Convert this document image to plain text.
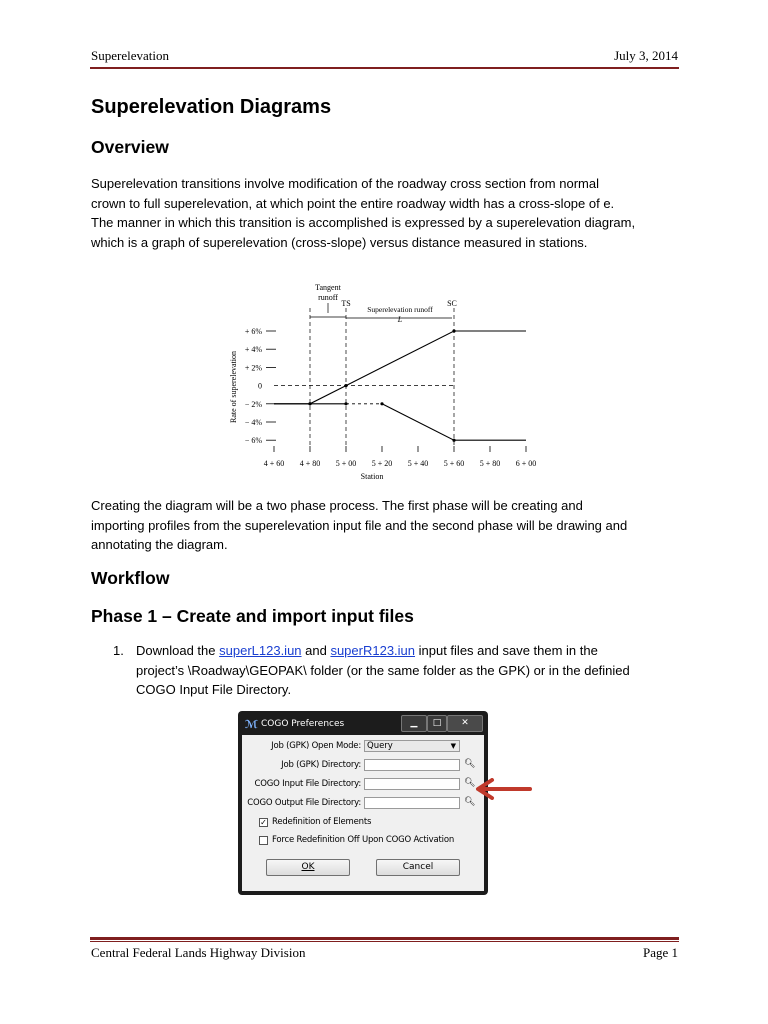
Superelevation	July 3, 2014
Superelevation Diagrams
Overview
Superelevation transitions involve modification of the roadway cross section from normal
crown to full superelevation, at which point the entire roadway width has a cross-slope of e.
The manner in which this transition is accomplished is expressed by a superelevation diagram,
which is a graph of superelevation (cross-slope) versus distance measured in stations.
Tangent
runoff
TS
Superelevation runoff
SC
L
Rate of superelevation
Station
+ 6%
+ 4%
+ 2%
0
− 2%
− 4%
− 6%
4 + 60 4 + 80 5 + 00 5 + 20 5 + 40 5 + 60 5 + 80 6 + 00
Creating the diagram will be a two phase process. The first phase will be creating and
importing profiles from the superelevation input file and the second phase will be drawing and
annotating the diagram.
Workflow
Phase 1 – Create and import input files
1. Download the superL123.iun and superR123.iun input files and save them in the
project’s \Roadway\GEOPAK\ folder (or the same folder as the GPK) or in the definied
COGO Input File Directory.
ℳ COGO Preferences	▁	□	✕
Job (GPK) Open Mode: Query	▼
Job (GPK) Directory:	🔍︎
COGO Input File Directory:	🔍︎
COGO Output File Directory:	🔍︎
✓ Redefinition of Elements
Force Redefinition Off Upon COGO Activation
OK	Cancel
Central Federal Lands Highway Division	Page 1
